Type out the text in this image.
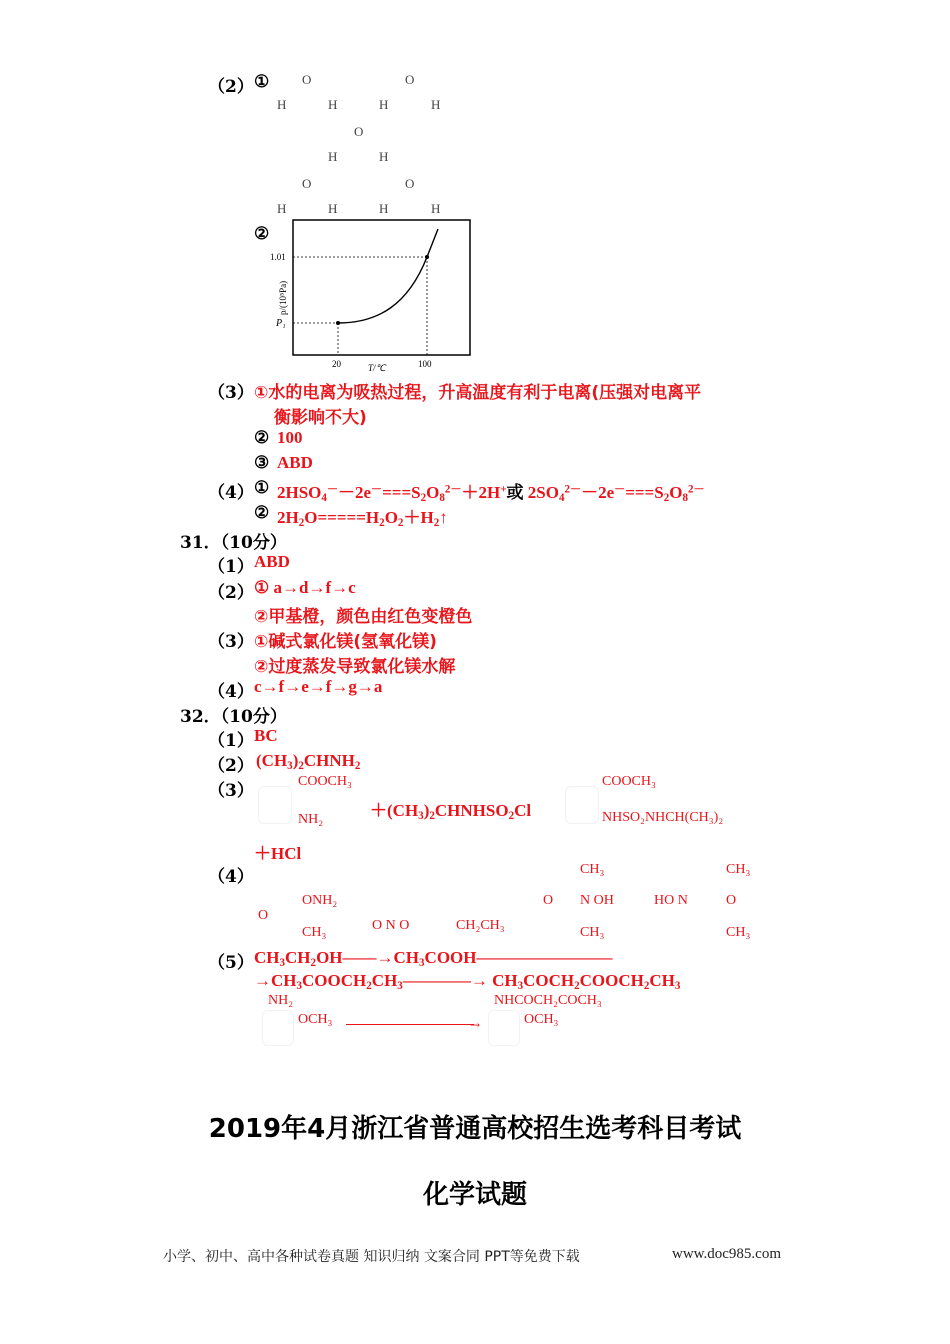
（2） ①	O	O
H	H	H	H
O
H	H
O	O
H	H	H	H
②
1.01
P₁
p/(10⁵Pa)
20	100
T/℃
（3） ①水的电离为吸热过程，升高温度有利于电离(压强对电离平
衡影响不大)
② 100
③ ABD
（4） ① $2HSO_4^--2e^-===S_2O_8^{2-}+2H^+$或 $2SO_4^{2-}-2e^-===S_2O_8^{2-}$
② $2H_2O=====H_2O_2+H_2↑$
31．（10分）
（1） ABD
（2） ① a→d→f→c
②甲基橙，颜色由红色变橙色
（3） ①碱式氯化镁(氢氧化镁)
②过度蒸发导致氯化镁水解
（4） c→f→e→f→g→a
32．（10分）
（1） BC
（2） $(CH_3)_2CHNH_2$
（3）	COOCH₃
NH₂	$+(CH_3)_2CHNHSO_2Cl$
COOCH₃
NHSO₂NHCH(CH₃)₂
＋HCl
（4）
O
ONH₂
CH₃	O N O	CH₂CH₃
CH₃
O N OH
CH₃
HO N
CH₃
O
CH₃
（5） $CH_3CH_2OH——\to CH_3COOH————————$
$\to CH_3COOCH_2CH_3————\to$ $CH_3COCH_2COOCH_2CH_3$
NH₂
OCH₃	→
NHCOCH₂COCH₃
OCH₃
2019年4月浙江省普通高校招生选考科目考试
化学试题
小学、初中、高中各种试卷真题 知识归纳 文案合同 PPT等免费下载	www.doc985.com
